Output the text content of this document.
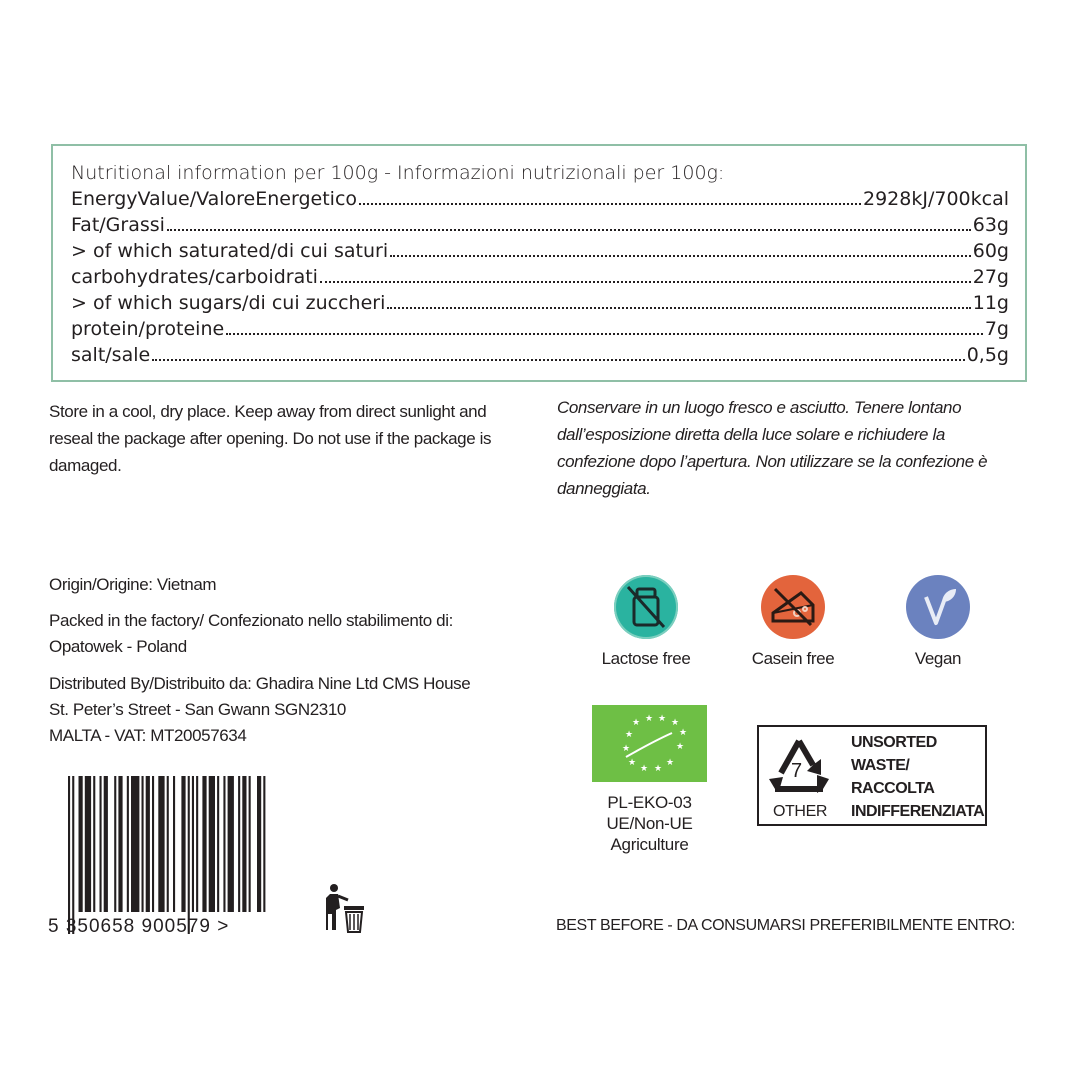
Nutritional information per 100g - Informazioni nutrizionali per 100g:
EnergyValue/ValoreEnergetico	2928kJ/700kcal
Fat/Grassi	63g
> of which saturated/di cui saturi	60g
carbohydrates/carboidrati	27g
> of which sugars/di cui zuccheri	11g
protein/proteine	7g
salt/sale	0,5g
Store in a cool, dry place. Keep away from direct sunlight and reseal the package after opening. Do not use if the package is damaged.
Conservare in un luogo fresco e asciutto. Tenere lontano dall’esposizione diretta della luce solare e richiudere la confezione dopo l’apertura. Non utilizzare se la confezione è danneggiata.
Origin/Origine: Vietnam
Packed in the factory/ Confezionato nello stabilimento di:
Opatowek - Poland
Distributed By/Distribuito da: Ghadira Nine Ltd CMS House
St. Peter’s Street - San Gwann SGN2310
MALTA - VAT: MT20057634
Lactose free	Casein free	Vegan
★ ★ ★ ★
★	★
★	★
★
★ ★
★
PL-EKO-03
UE/Non-UE
Agriculture
7
OTHER
UNSORTED
WASTE/
RACCOLTA
INDIFFERENZIATA
5 350658 900579 >	BEST BEFORE - DA CONSUMARSI PREFERIBILMENTE ENTRO:
